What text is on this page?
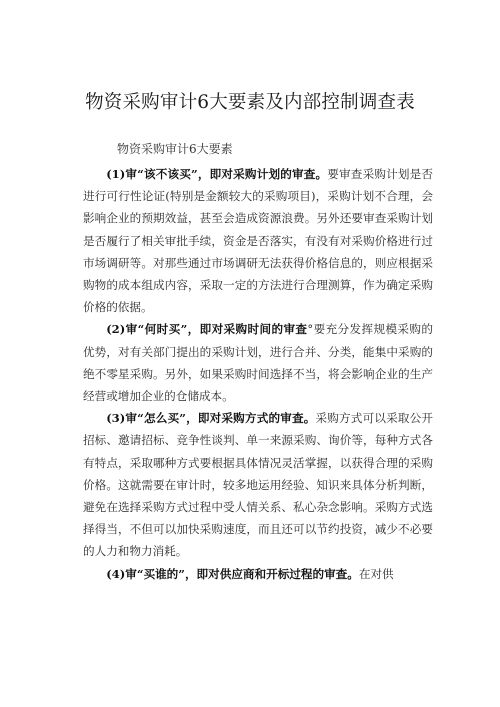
物资采购审计6大要素及内部控制调查表
物资采购审计6大要素

(1)审“该不该买”，即对采购计划的审查。要审查采购计划是否进行可行性论证(特别是金额较大的采购项目)，采购计划不合理，会影响企业的预期效益，甚至会造成资源浪费。另外还要审查采购计划是否履行了相关审批手续，资金是否落实，有没有对采购价格进行过市场调研等。对那些通过市场调研无法获得价格信息的，则应根据采购物的成本组成内容，采取一定的方法进行合理测算，作为确定采购价格的依据。

(2)审“何时买”，即对采购时间的审查°要充分发挥规模采购的优势，对有关部门提出的采购计划，进行合并、分类，能集中采购的绝不零星采购。另外，如果采购时间选择不当，将会影响企业的生产经营或增加企业的仓储成本。

(3)审“怎么买”，即对采购方式的审查。采购方式可以采取公开招标、邀请招标、竞争性谈判、单一来源采购、询价等，每种方式各有特点，采取哪种方式要根据具体情况灵活掌握，以获得合理的采购价格。这就需要在审计时，较多地运用经验、知识来具体分析判断，避免在选择采购方式过程中受人情关系、私心杂念影响。采购方式选择得当，不但可以加快采购速度，而且还可以节约投资，减少不必要的人力和物力消耗。

(4)审“买谁的”，即对供应商和开标过程的审查。在对供
